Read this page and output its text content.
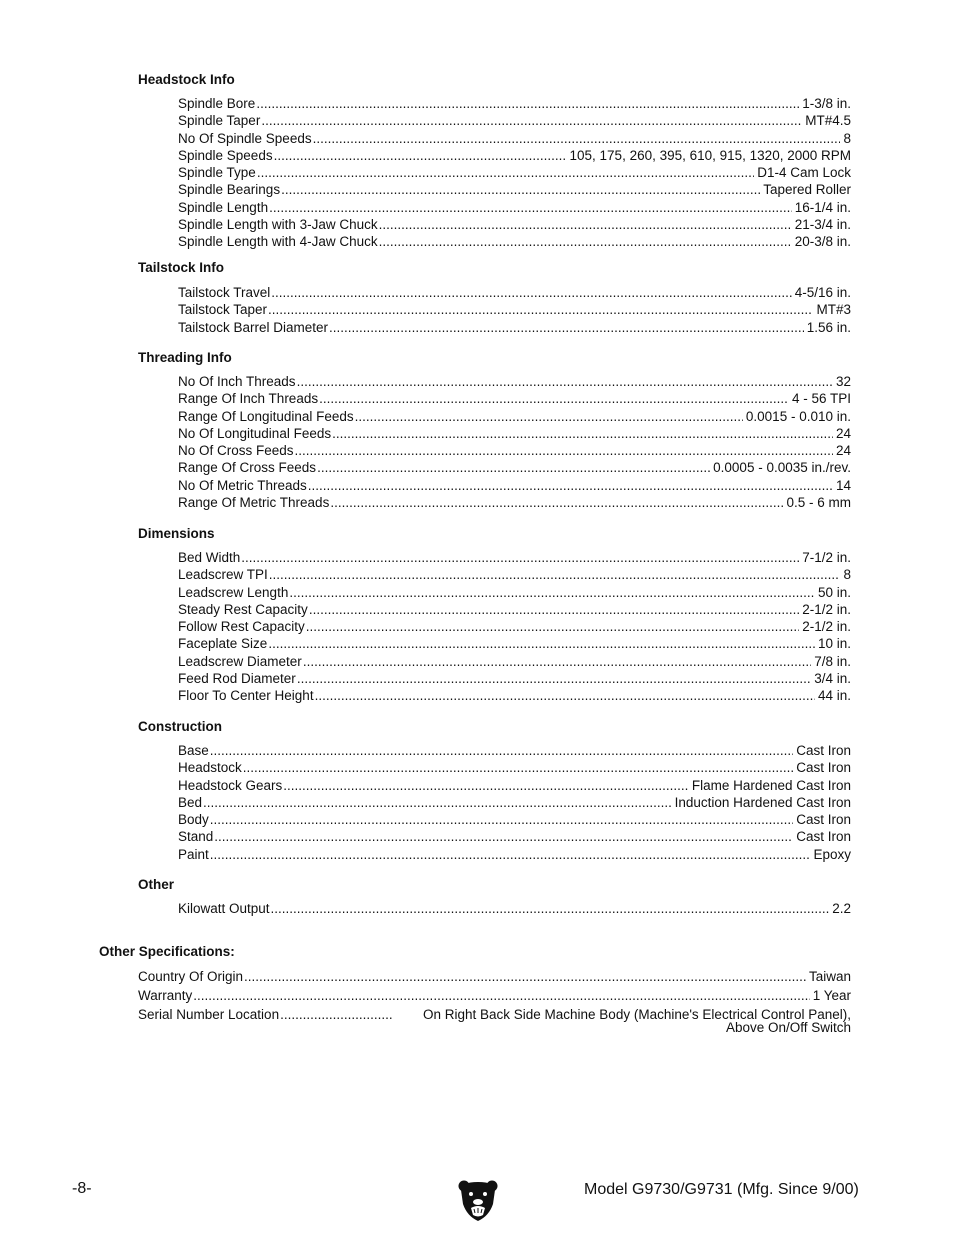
Headstock Info
Spindle Bore .....	1-3/8 in.
Spindle Taper .....	MT#4.5
No Of Spindle Speeds .....	8
Spindle Speeds .....	105, 175, 260, 395, 610, 915, 1320, 2000 RPM
Spindle Type .....	D1-4 Cam Lock
Spindle Bearings .....	Tapered Roller
Spindle Length .....	16-1/4 in.
Spindle Length with 3-Jaw Chuck .....	21-3/4 in.
Spindle Length with 4-Jaw Chuck .....	20-3/8 in.
Tailstock Info
Tailstock Travel .....	4-5/16 in.
Tailstock Taper .....	MT#3
Tailstock Barrel Diameter .....	1.56 in.
Threading Info
No Of Inch Threads .....	32
Range Of Inch Threads .....	4 - 56 TPI
Range Of Longitudinal Feeds .....	0.0015 - 0.010 in.
No Of Longitudinal Feeds .....	24
No Of Cross Feeds .....	24
Range Of Cross Feeds .....	0.0005 - 0.0035 in./rev.
No Of Metric Threads .....	14
Range Of Metric Threads .....	0.5 - 6 mm
Dimensions
Bed Width .....	7-1/2 in.
Leadscrew TPI .....	8
Leadscrew Length .....	50 in.
Steady Rest Capacity .....	2-1/2 in.
Follow Rest Capacity .....	2-1/2 in.
Faceplate Size .....	10 in.
Leadscrew Diameter .....	7/8 in.
Feed Rod Diameter .....	3/4 in.
Floor To Center Height .....	44 in.
Construction
Base .....	Cast Iron
Headstock .....	Cast Iron
Headstock Gears .....	Flame Hardened Cast Iron
Bed .....	Induction Hardened Cast Iron
Body .....	Cast Iron
Stand .....	Cast Iron
Paint .....	Epoxy
Other
Kilowatt Output .....	2.2
Other Specifications:
Country Of Origin .....	Taiwan
Warranty .....	1 Year
Serial Number Location .....	On Right Back Side Machine Body (Machine's Electrical Control Panel),
Above On/Off Switch
-8-	Model G9730/G9731 (Mfg. Since 9/00)
